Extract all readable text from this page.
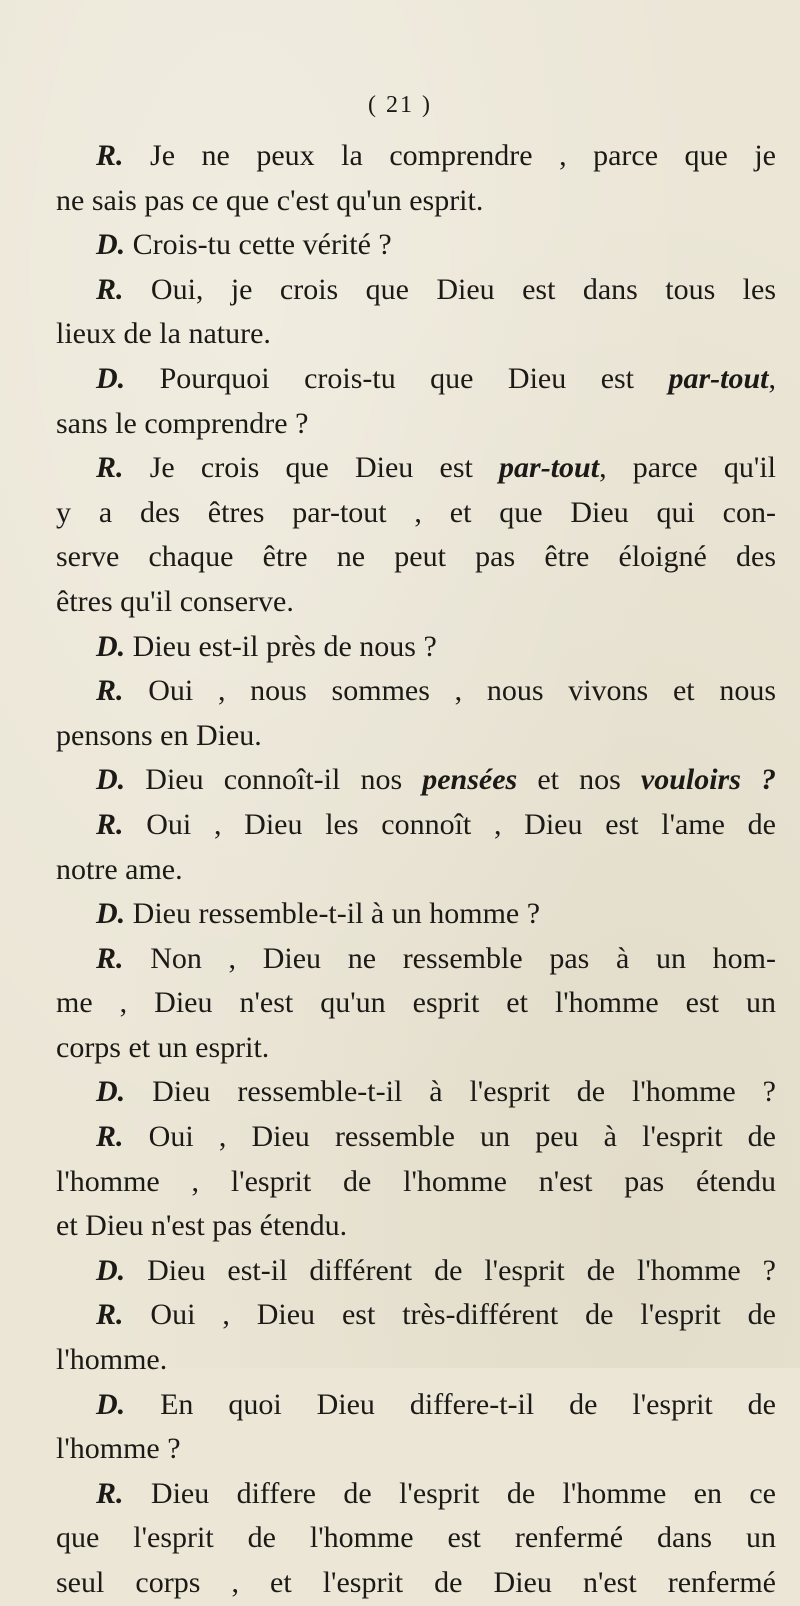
( 21 )
R. Je ne peux la comprendre , parce que je
ne sais pas ce que c'est qu'un esprit.
D. Crois-tu cette vérité ?
R. Oui, je crois que Dieu est dans tous les
lieux de la nature.
D. Pourquoi crois-tu que Dieu est par-tout,
sans le comprendre ?
R. Je crois que Dieu est par-tout, parce qu'il
y a des êtres par-tout , et que Dieu qui con-
serve chaque être ne peut pas être éloigné des
êtres qu'il conserve.
D. Dieu est-il près de nous ?
R. Oui , nous sommes , nous vivons et nous
pensons en Dieu.
D. Dieu connoît-il nos pensées et nos vouloirs ?
R. Oui , Dieu les connoît , Dieu est l'ame de
notre ame.
D. Dieu ressemble-t-il à un homme ?
R. Non , Dieu ne ressemble pas à un hom-
me , Dieu n'est qu'un esprit et l'homme est un
corps et un esprit.
D. Dieu ressemble-t-il à l'esprit de l'homme ?
R. Oui , Dieu ressemble un peu à l'esprit de
l'homme , l'esprit de l'homme n'est pas étendu
et Dieu n'est pas étendu.
D. Dieu est-il différent de l'esprit de l'homme ?
R. Oui , Dieu est très-différent de l'esprit de
l'homme.
D. En quoi Dieu differe-t-il de l'esprit de
l'homme ?
R. Dieu differe de l'esprit de l'homme en ce
que l'esprit de l'homme est renfermé dans un
seul corps , et l'esprit de Dieu n'est renfermé
